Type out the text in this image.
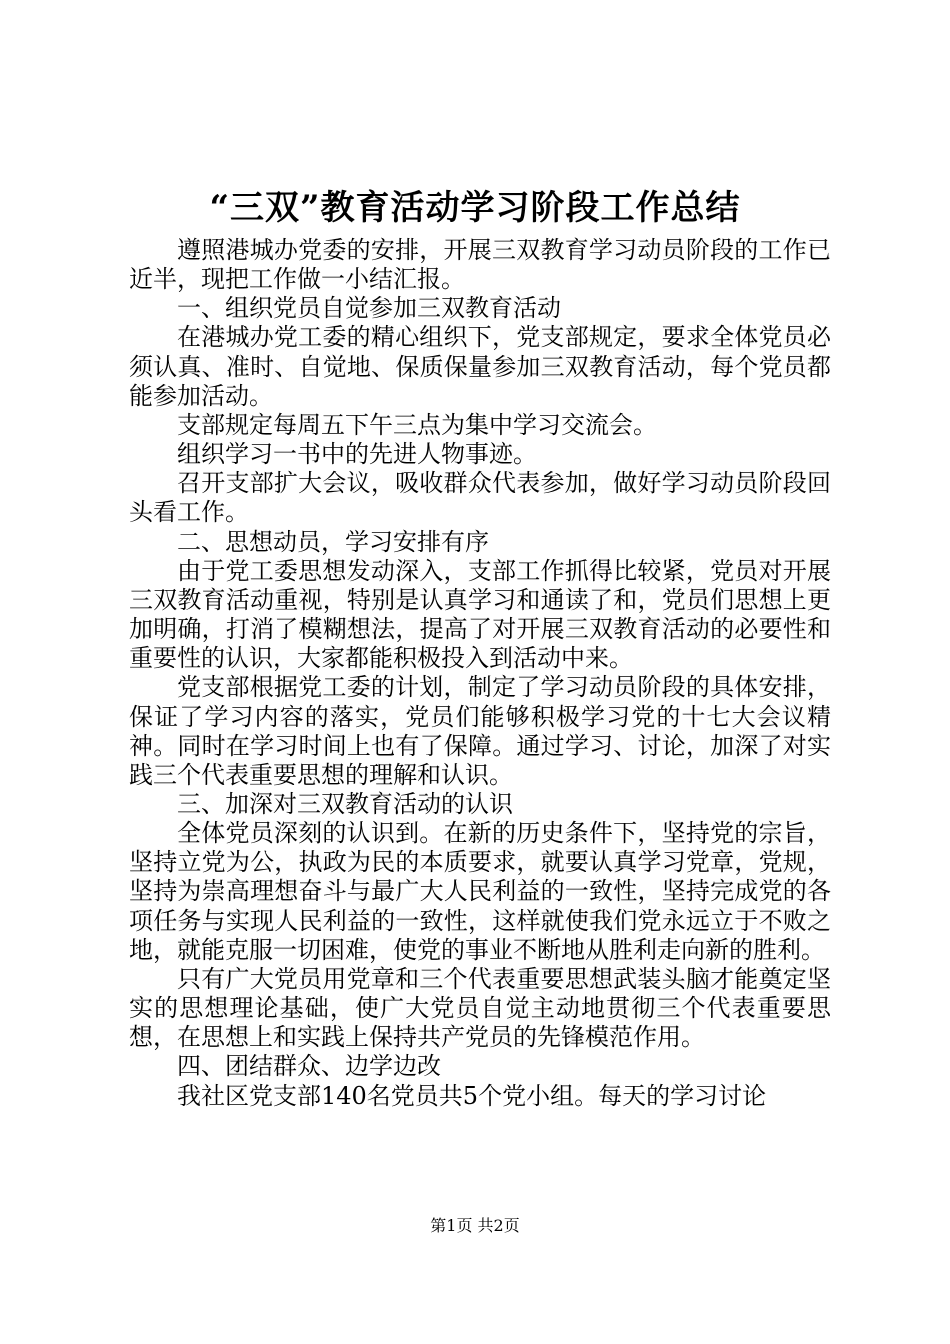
“三双”教育活动学习阶段工作总结

遵照港城办党委的安排，开展三双教育学习动员阶段的工作已近半，现把工作做一小结汇报。

一、组织党员自觉参加三双教育活动

在港城办党工委的精心组织下，党支部规定，要求全体党员必须认真、准时、自觉地、保质保量参加三双教育活动，每个党员都能参加活动。

支部规定每周五下午三点为集中学习交流会。

组织学习一书中的先进人物事迹。

召开支部扩大会议，吸收群众代表参加，做好学习动员阶段回头看工作。

二、思想动员，学习安排有序

由于党工委思想发动深入，支部工作抓得比较紧，党员对开展三双教育活动重视，特别是认真学习和通读了和，党员们思想上更加明确，打消了模糊想法，提高了对开展三双教育活动的必要性和重要性的认识，大家都能积极投入到活动中来。

党支部根据党工委的计划，制定了学习动员阶段的具体安排，保证了学习内容的落实，党员们能够积极学习党的十七大会议精神。同时在学习时间上也有了保障。通过学习、讨论，加深了对实践三个代表重要思想的理解和认识。

三、加深对三双教育活动的认识

全体党员深刻的认识到。在新的历史条件下，坚持党的宗旨，坚持立党为公，执政为民的本质要求，就要认真学习党章，党规，坚持为崇高理想奋斗与最广大人民利益的一致性，坚持完成党的各项任务与实现人民利益的一致性，这样就使我们党永远立于不败之地，就能克服一切困难，使党的事业不断地从胜利走向新的胜利。

只有广大党员用党章和三个代表重要思想武装头脑才能奠定坚实的思想理论基础，使广大党员自觉主动地贯彻三个代表重要思想，在思想上和实践上保持共产党员的先锋模范作用。

四、团结群众、边学边改

我社区党支部140名党员共5个党小组。每天的学习讨论

第1页 共2页
